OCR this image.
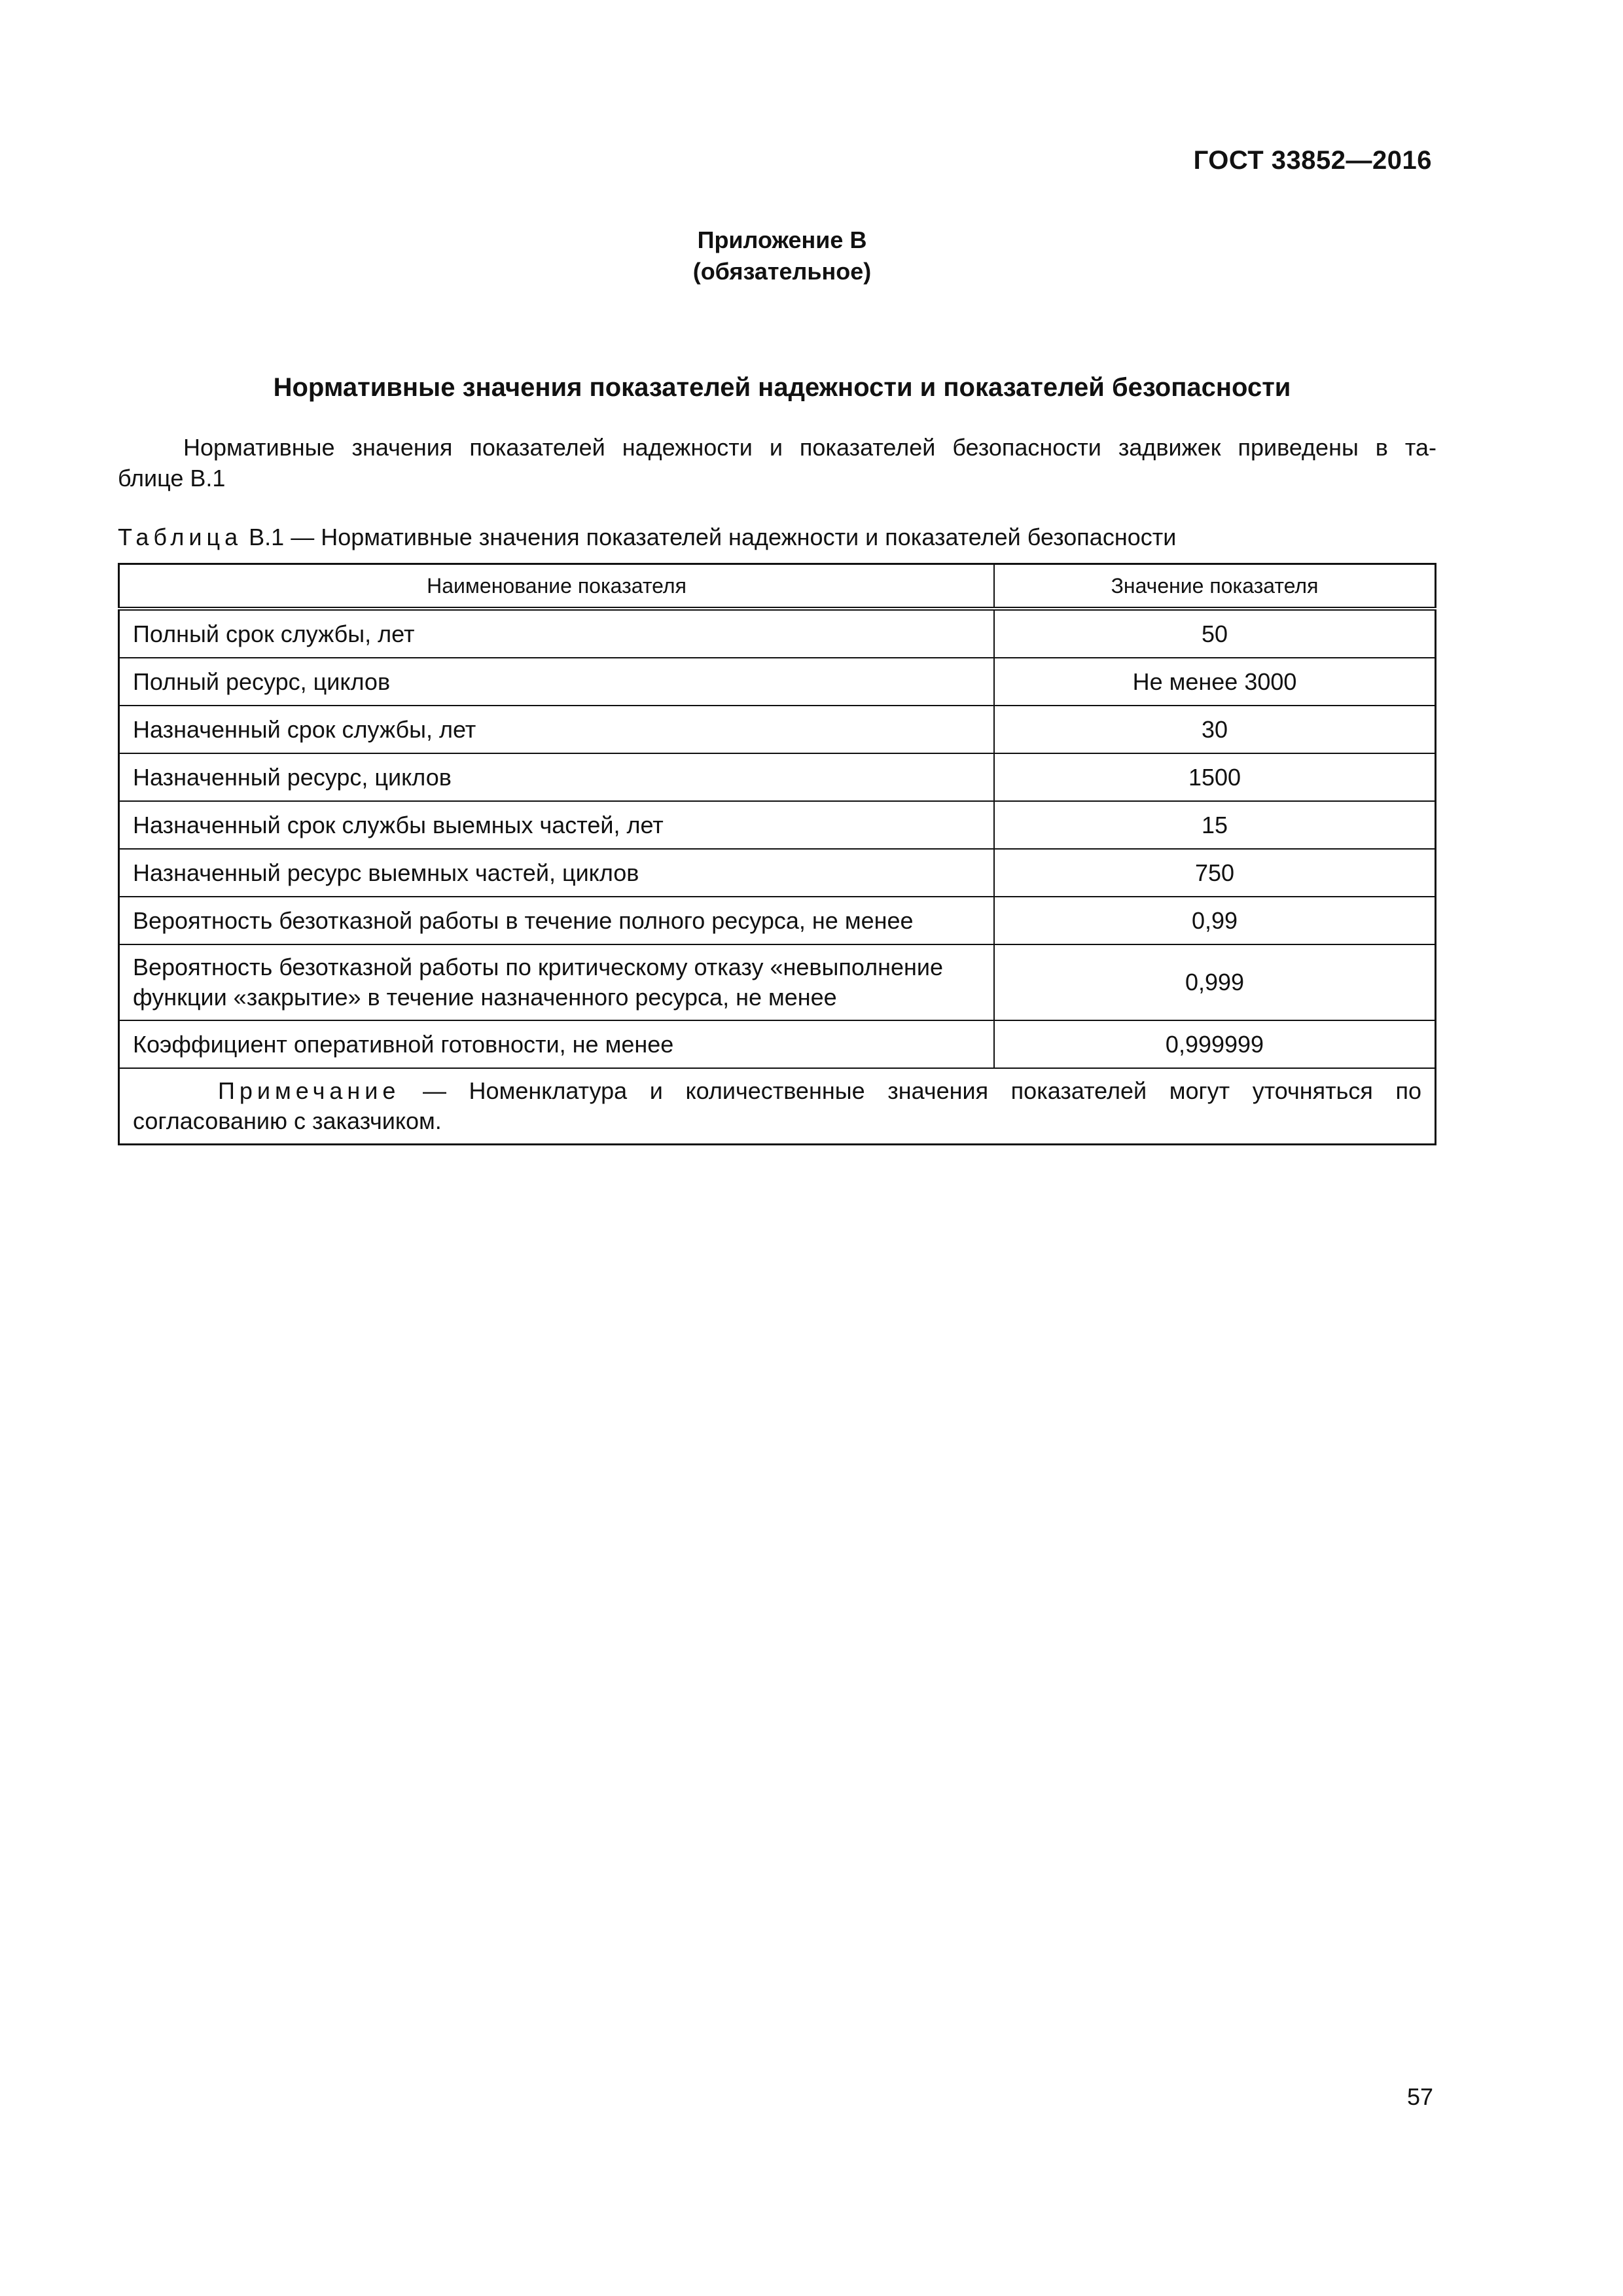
ГОСТ 33852—2016
Приложение В
(обязательное)
Нормативные значения показателей надежности и показателей безопасности
Нормативные значения показателей надежности и показателей безопасности задвижек приведены в та-
блице В.1
Таблица В.1 — Нормативные значения показателей надежности и показателей безопасности
Наименование показателя	Значение показателя
Полный срок службы, лет	50
Полный ресурс, циклов	Не менее 3000
Назначенный срок службы, лет	30
Назначенный ресурс, циклов	1500
Назначенный срок службы выемных частей, лет	15
Назначенный ресурс выемных частей, циклов	750
Вероятность безотказной работы в течение полного ресурса, не менее	0,99
Вероятность безотказной работы по критическому отказу «невыполнение
функции «закрытие» в течение назначенного ресурса, не менее	0,999
Коэффициент оперативной готовности, не менее	0,999999
Примечание — Номенклатура и количественные значения показателей могут уточняться по согласованию с заказчиком.	
57
